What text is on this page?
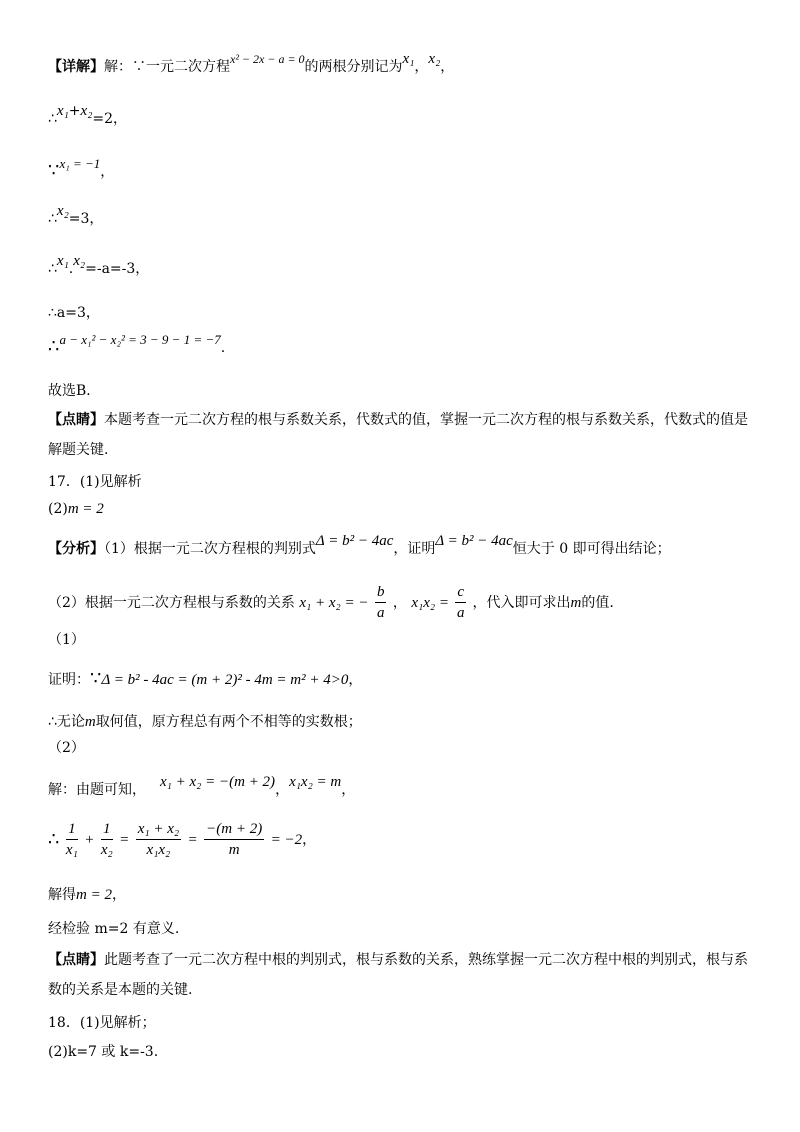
【详解】解：∵一元二次方程x² − 2x − a = 0的两根分别记为x₁，x₂，
∴x₁+x₂=2，
∵x₁ = −1，
∴x₂=3，
∴x₁.x₂=-a=-3，
∴a=3，
∴a − x₁² − x₂² = 3 − 9 − 1 = −7.
故选B．
【点睛】本题考查一元二次方程的根与系数关系，代数式的值，掌握一元二次方程的根与系数关系，代数式的值是解题关键.
17．(1)见解析
(2)m = 2
【分析】（1）根据一元二次方程根的判别式Δ = b² − 4ac，证明Δ = b² − 4ac恒大于 0 即可得出结论；
（2）根据一元二次方程根与系数的关系 x₁ + x₂ = − $\frac{b}{a}$ ， $x_1x_2 = \frac{c}{a}$ ，代入即可求出m的值.
（1）
证明：∵Δ = b² - 4ac = (m + 2)² - 4m = m² + 4>0，
∴无论m取何值，原方程总有两个不相等的实数根；
（2）
解：由题可知， x₁ + x₂ = −(m + 2)，x₁x₂ = m，
∴ $\frac{1}{\text{x₁}} + \frac{1}{\text{x₂}} = \frac{\text{x₁ + x₂}}{\text{x₁x₂}} = \frac{-(m + 2)}{m} = -2$，
解得m = 2，
经检验 m=2 有意义.
【点睛】此题考查了一元二次方程中根的判别式，根与系数的关系，熟练掌握一元二次方程中根的判别式，根与系数的关系是本题的关键.
18．(1)见解析；
(2)k=7 或 k=-3.
